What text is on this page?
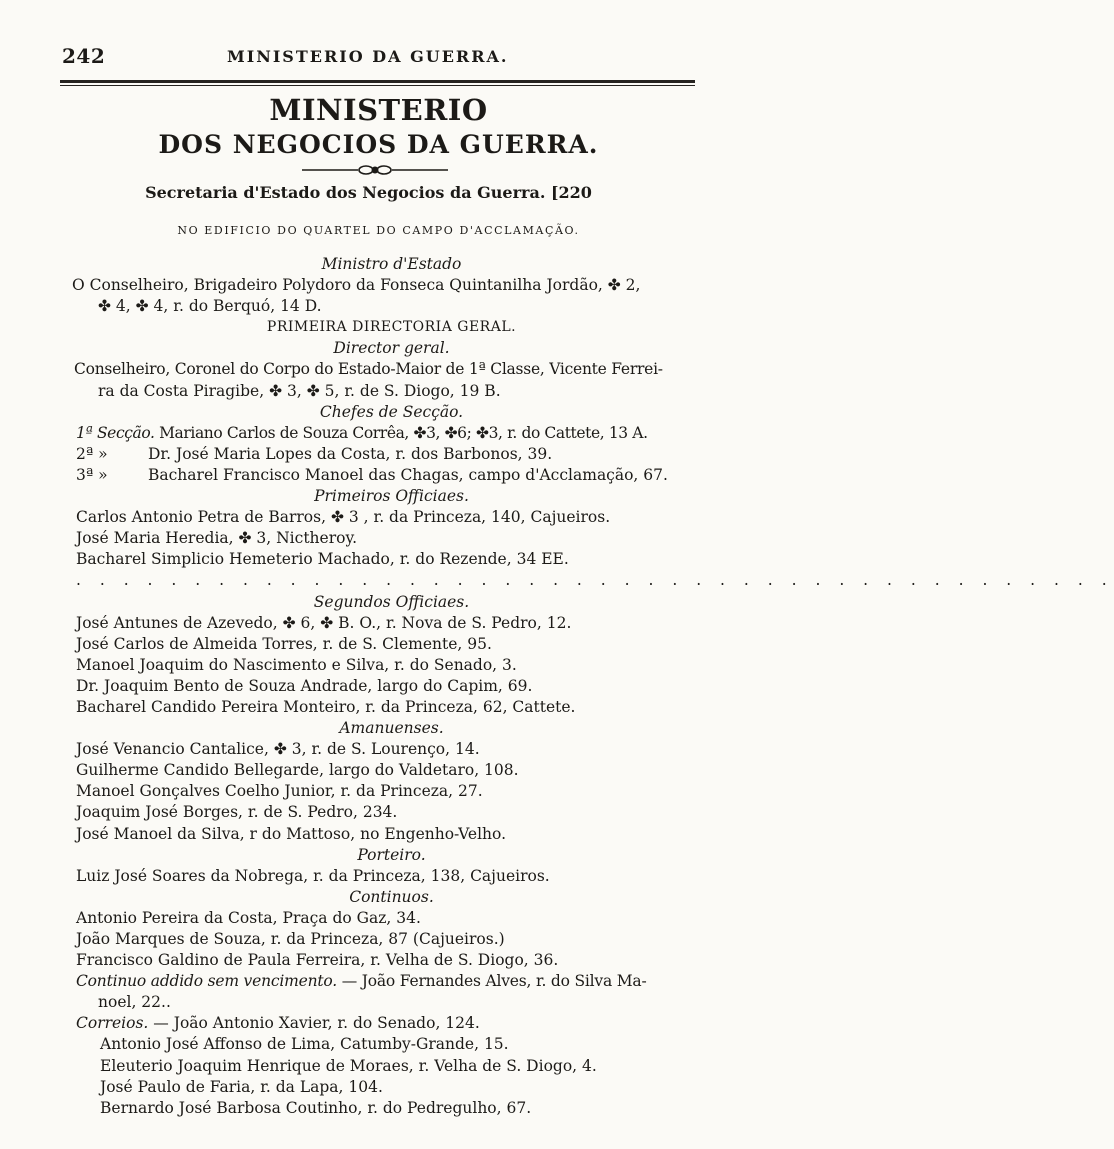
242	MINISTERIO DA GUERRA.
MINISTERIO
DOS NEGOCIOS DA GUERRA.
Secretaria d'Estado dos Negocios da Guerra. [220
NO EDIFICIO DO QUARTEL DO CAMPO D'ACCLAMAÇÃO.
Ministro d'Estado
O Conselheiro, Brigadeiro Polydoro da Fonseca Quintanilha Jordão, ✤ 2,
✤ 4, ✤ 4, r. do Berquó, 14 D.
PRIMEIRA DIRECTORIA GERAL.
Director geral.
Conselheiro, Coronel do Corpo do Estado-Maior de 1ª Classe, Vicente Ferrei-
ra da Costa Piragibe, ✤ 3, ✤ 5, r. de S. Diogo, 19 B.
Chefes de Secção.
1ª Secção. Mariano Carlos de Souza Corrêa, ✤3, ✤6; ✤3, r. do Cattete, 13 A.
2ª »	Dr. José Maria Lopes da Costa, r. dos Barbonos, 39.
3ª »	Bacharel Francisco Manoel das Chagas, campo d'Acclamação, 67.
Primeiros Officiaes.
Carlos Antonio Petra de Barros, ✤ 3 , r. da Princeza, 140, Cajueiros.
José Maria Heredia, ✤ 3, Nictheroy.
Bacharel Simplicio Hemeterio Machado, r. do Rezende, 34 EE.
. . . . . . . . . . . . . . . . . . . . . . . . . . . . . . . . . . . . . . . . . . . .
Segundos Officiaes.
José Antunes de Azevedo, ✤ 6, ✤ B. O., r. Nova de S. Pedro, 12.
José Carlos de Almeida Torres, r. de S. Clemente, 95.
Manoel Joaquim do Nascimento e Silva, r. do Senado, 3.
Dr. Joaquim Bento de Souza Andrade, largo do Capim, 69.
Bacharel Candido Pereira Monteiro, r. da Princeza, 62, Cattete.
Amanuenses.
José Venancio Cantalice, ✤ 3, r. de S. Lourenço, 14.
Guilherme Candido Bellegarde, largo do Valdetaro, 108.
Manoel Gonçalves Coelho Junior, r. da Princeza, 27.
Joaquim José Borges, r. de S. Pedro, 234.
José Manoel da Silva, r do Mattoso, no Engenho-Velho.
Porteiro.
Luiz José Soares da Nobrega, r. da Princeza, 138, Cajueiros.
Continuos.
Antonio Pereira da Costa, Praça do Gaz, 34.
João Marques de Souza, r. da Princeza, 87 (Cajueiros.)
Francisco Galdino de Paula Ferreira, r. Velha de S. Diogo, 36.
Continuo addido sem vencimento. — João Fernandes Alves, r. do Silva Ma-
noel, 22..
Correios. — João Antonio Xavier, r. do Senado, 124.
Antonio José Affonso de Lima, Catumby-Grande, 15.
Eleuterio Joaquim Henrique de Moraes, r. Velha de S. Diogo, 4.
José Paulo de Faria, r. da Lapa, 104.
Bernardo José Barbosa Coutinho, r. do Pedregulho, 67.
